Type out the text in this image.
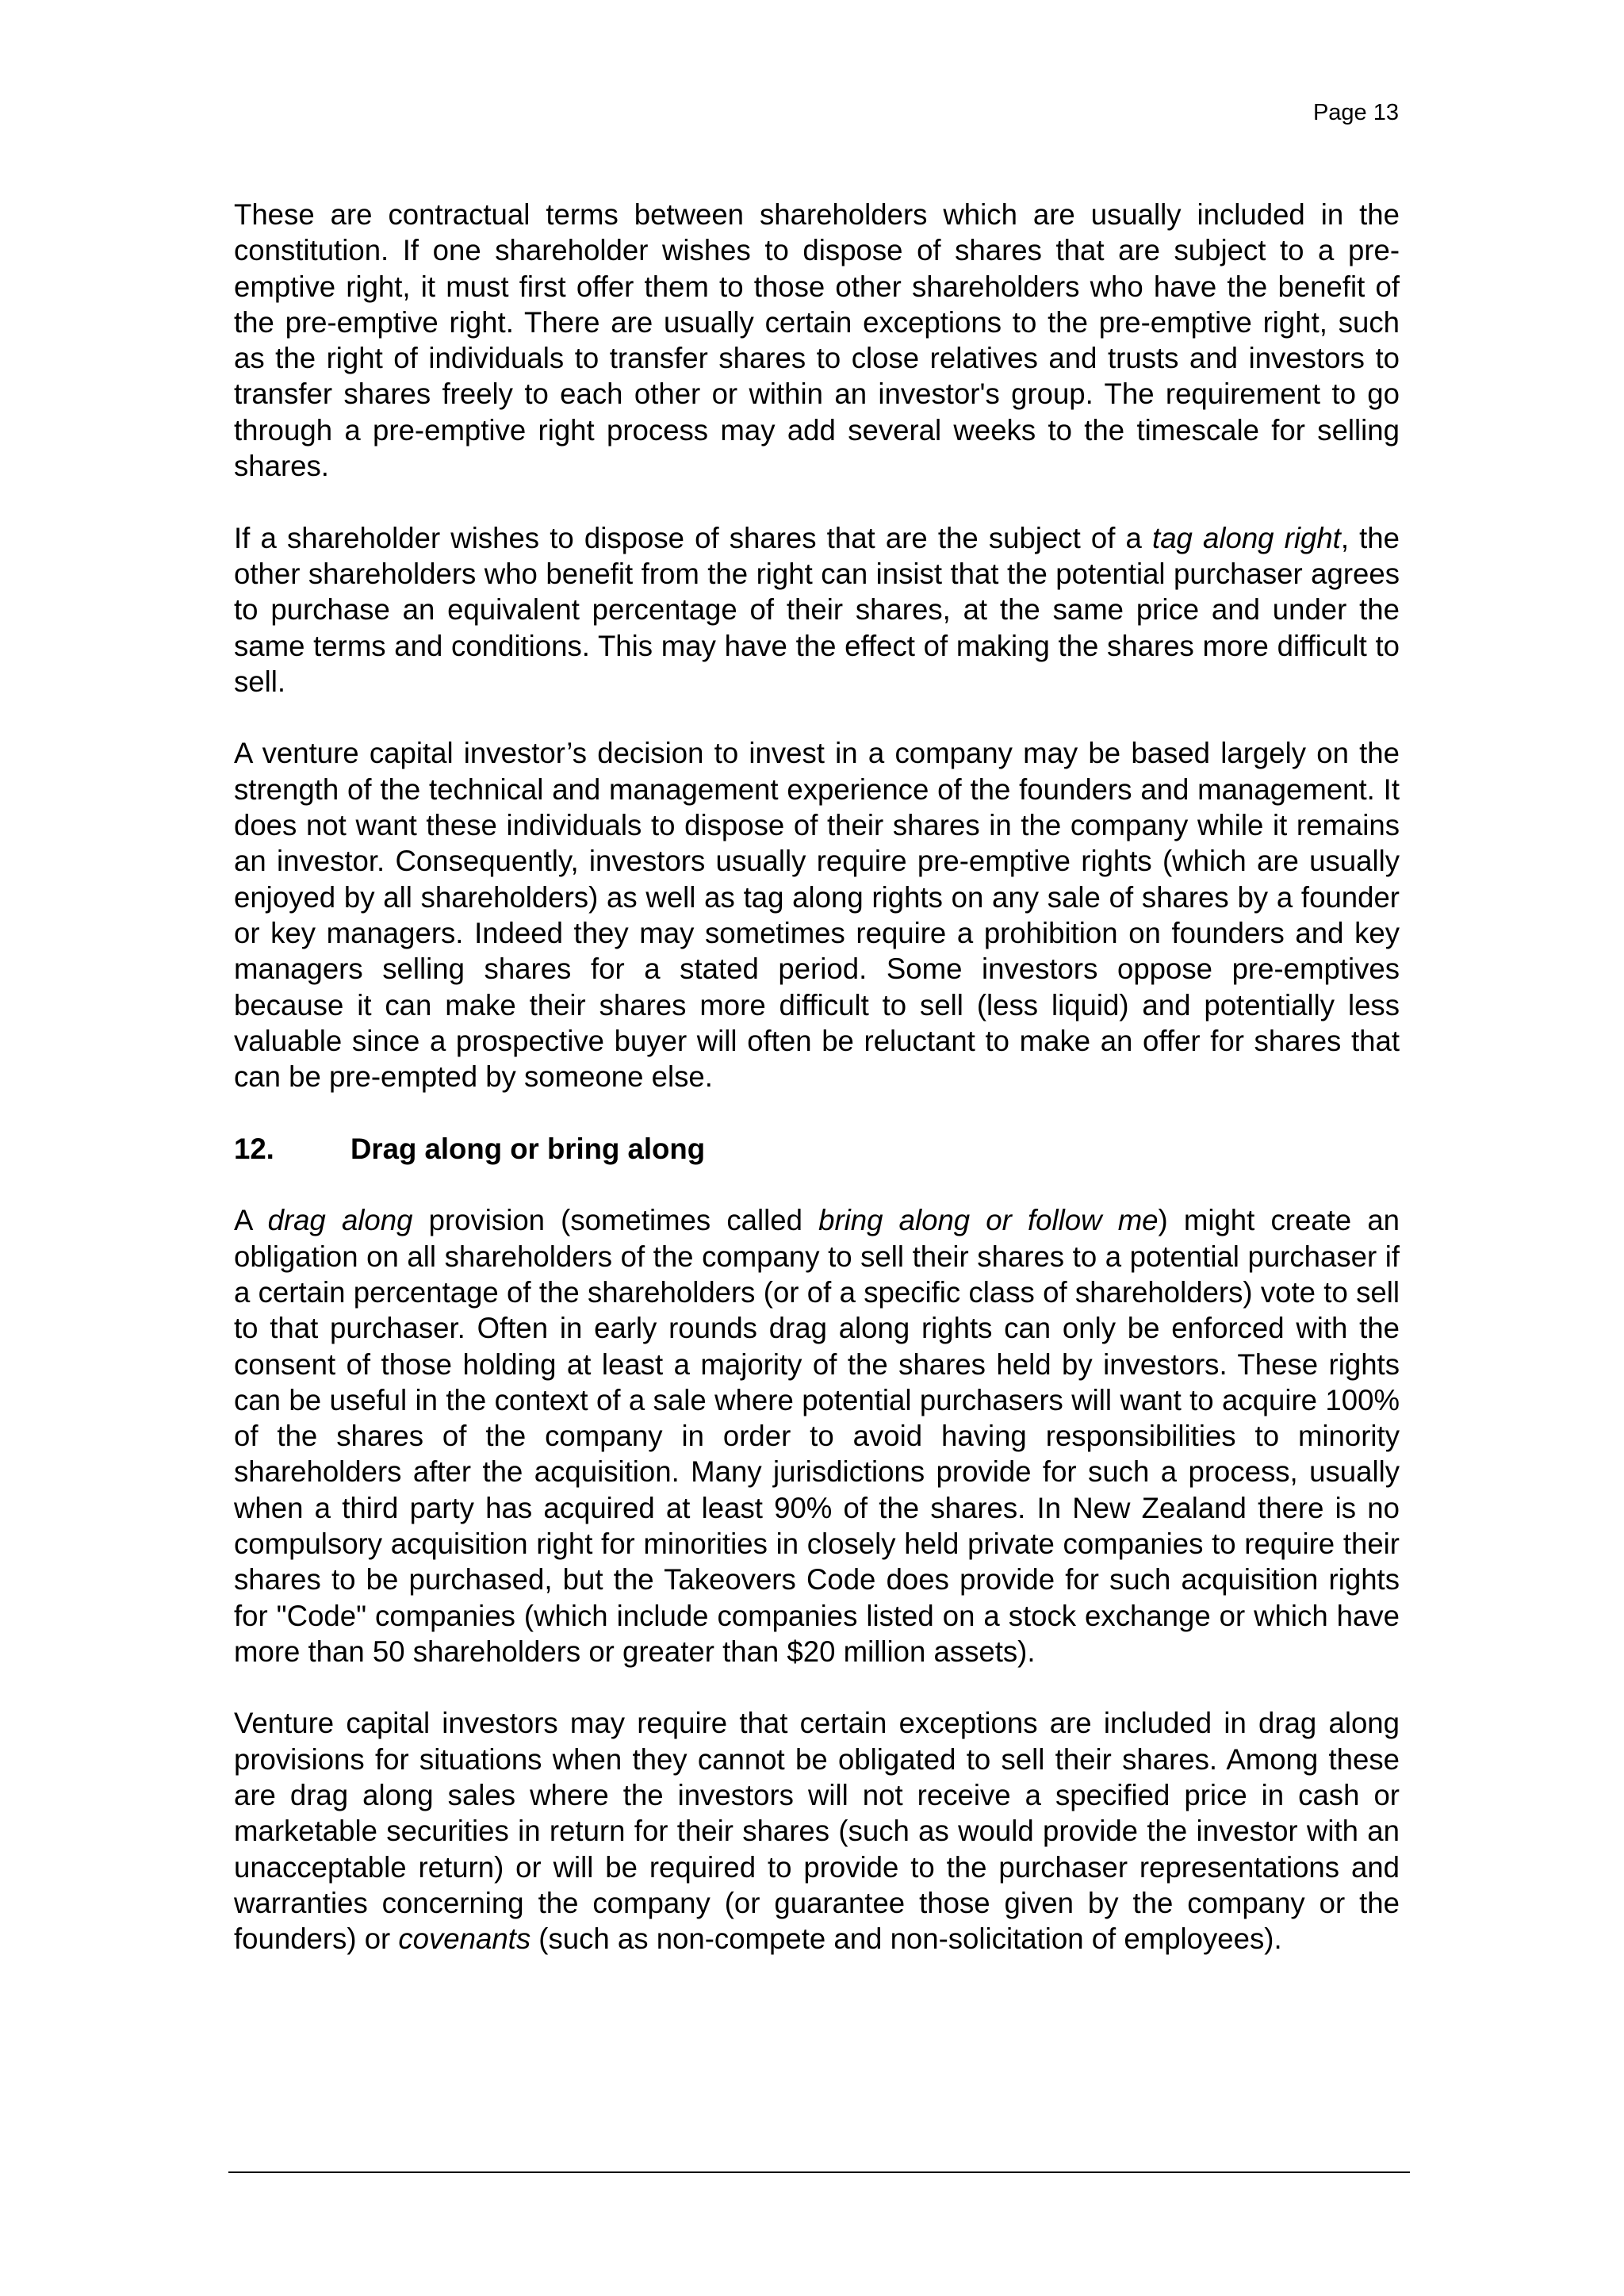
Page 13

These are contractual terms between shareholders which are usually included in the constitution. If one shareholder wishes to dispose of shares that are subject to a pre-emptive right, it must first offer them to those other shareholders who have the benefit of the pre-emptive right. There are usually certain exceptions to the pre-emptive right, such as the right of individuals to transfer shares to close relatives and trusts and investors to transfer shares freely to each other or within an investor's group. The requirement to go through a pre-emptive right process may add several weeks to the timescale for selling shares.

If a shareholder wishes to dispose of shares that are the subject of a tag along right, the other shareholders who benefit from the right can insist that the potential purchaser agrees to purchase an equivalent percentage of their shares, at the same price and under the same terms and conditions. This may have the effect of making the shares more difficult to sell.

A venture capital investor’s decision to invest in a company may be based largely on the strength of the technical and management experience of the founders and management. It does not want these individuals to dispose of their shares in the company while it remains an investor. Consequently, investors usually require pre-emptive rights (which are usually enjoyed by all shareholders) as well as tag along rights on any sale of shares by a founder or key managers. Indeed they may sometimes require a prohibition on founders and key managers selling shares for a stated period. Some investors oppose pre-emptives because it can make their shares more difficult to sell (less liquid) and potentially less valuable since a prospective buyer will often be reluctant to make an offer for shares that can be pre-empted by someone else.

12.	Drag along or bring along

A drag along provision (sometimes called bring along or follow me) might create an obligation on all shareholders of the company to sell their shares to a potential purchaser if a certain percentage of the shareholders (or of a specific class of shareholders) vote to sell to that purchaser. Often in early rounds drag along rights can only be enforced with the consent of those holding at least a majority of the shares held by investors. These rights can be useful in the context of a sale where potential purchasers will want to acquire 100% of the shares of the company in order to avoid having responsibilities to minority shareholders after the acquisition. Many jurisdictions provide for such a process, usually when a third party has acquired at least 90% of the shares. In New Zealand there is no compulsory acquisition right for minorities in closely held private companies to require their shares to be purchased, but the Takeovers Code does provide for such acquisition rights for "Code" companies (which include companies listed on a stock exchange or which have more than 50 shareholders or greater than $20 million assets).

Venture capital investors may require that certain exceptions are included in drag along provisions for situations when they cannot be obligated to sell their shares. Among these are drag along sales where the investors will not receive a specified price in cash or marketable securities in return for their shares (such as would provide the investor with an unacceptable return) or will be required to provide to the purchaser representations and warranties concerning the company (or guarantee those given by the company or the founders) or covenants (such as non-compete and non-solicitation of employees).
